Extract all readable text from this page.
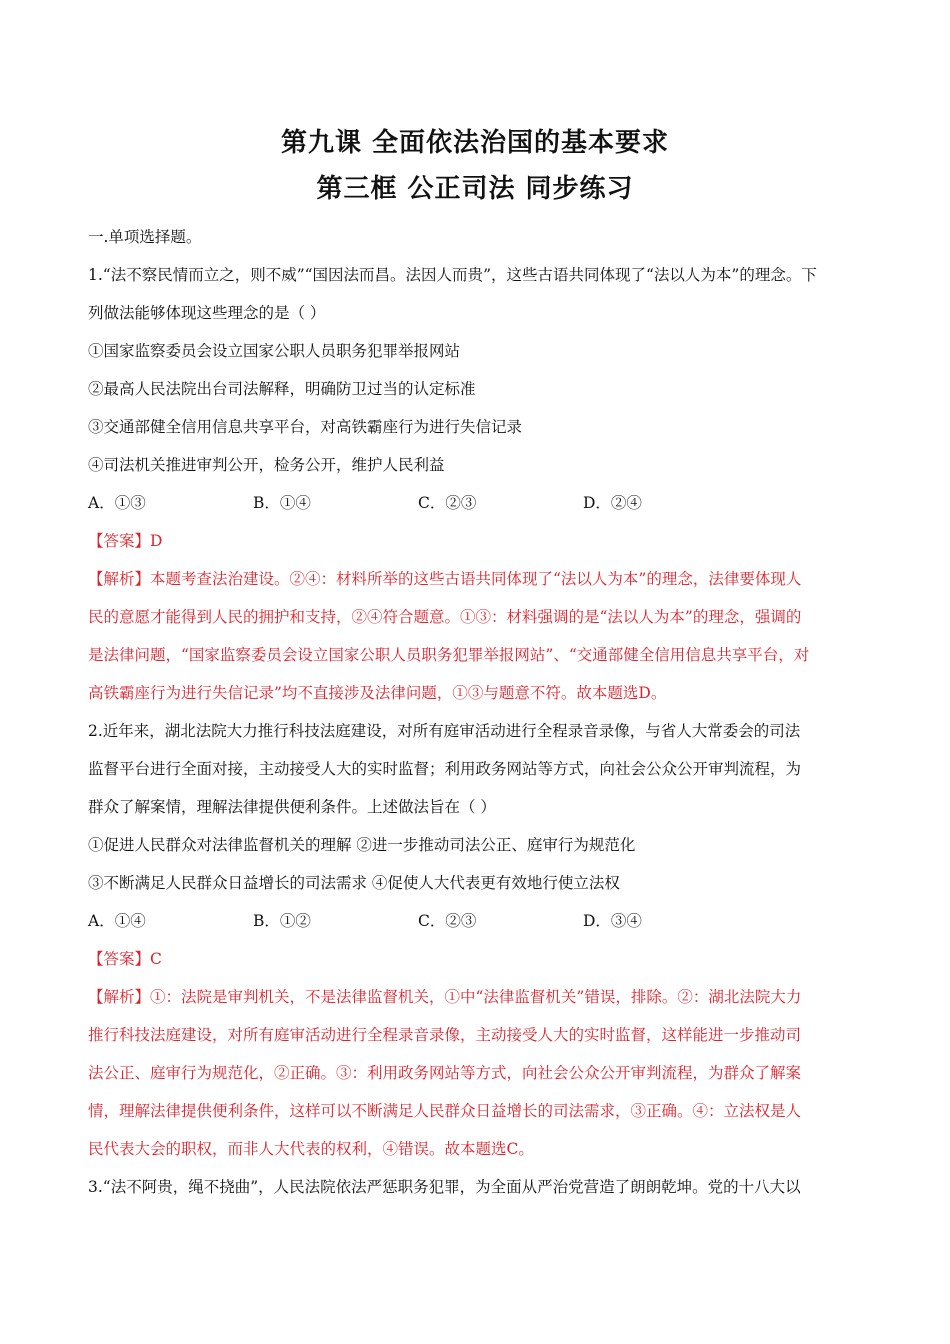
第九课 全面依法治国的基本要求
第三框 公正司法 同步练习
一.单项选择题。
1.“法不察民情而立之，则不威”“国因法而昌。法因人而贵”，这些古语共同体现了“法以人为本”的理念。下
列做法能够体现这些理念的是（ ）
①国家监察委员会设立国家公职人员职务犯罪举报网站
②最高人民法院出台司法解释，明确防卫过当的认定标准
③交通部健全信用信息共享平台，对高铁霸座行为进行失信记录
④司法机关推进审判公开，检务公开，维护人民利益
A．①③	B．①④	C．②③	D．②④
【答案】D
【解析】本题考查法治建设。②④：材料所举的这些古语共同体现了“法以人为本”的理念，法律要体现人
民的意愿才能得到人民的拥护和支持，②④符合题意。①③：材料强调的是“法以人为本”的理念，强调的
是法律问题，“国家监察委员会设立国家公职人员职务犯罪举报网站”、“交通部健全信用信息共享平台，对
高铁霸座行为进行失信记录”均不直接涉及法律问题，①③与题意不符。故本题选D。
2.近年来，湖北法院大力推行科技法庭建设，对所有庭审活动进行全程录音录像，与省人大常委会的司法
监督平台进行全面对接，主动接受人大的实时监督；利用政务网站等方式，向社会公众公开审判流程，为
群众了解案情，理解法律提供便利条件。上述做法旨在（ ）
①促进人民群众对法律监督机关的理解 ②进一步推动司法公正、庭审行为规范化
③不断满足人民群众日益增长的司法需求 ④促使人大代表更有效地行使立法权
A．①④	B．①②	C．②③	D．③④
【答案】C
【解析】①：法院是审判机关，不是法律监督机关，①中“法律监督机关”错误，排除。②：湖北法院大力
推行科技法庭建设，对所有庭审活动进行全程录音录像，主动接受人大的实时监督，这样能进一步推动司
法公正、庭审行为规范化，②正确。③：利用政务网站等方式，向社会公众公开审判流程，为群众了解案
情，理解法律提供便利条件，这样可以不断满足人民群众日益增长的司法需求，③正确。④：立法权是人
民代表大会的职权，而非人大代表的权利，④错误。故本题选C。
3.“法不阿贵，绳不挠曲”，人民法院依法严惩职务犯罪，为全面从严治党营造了朗朗乾坤。党的十八大以
